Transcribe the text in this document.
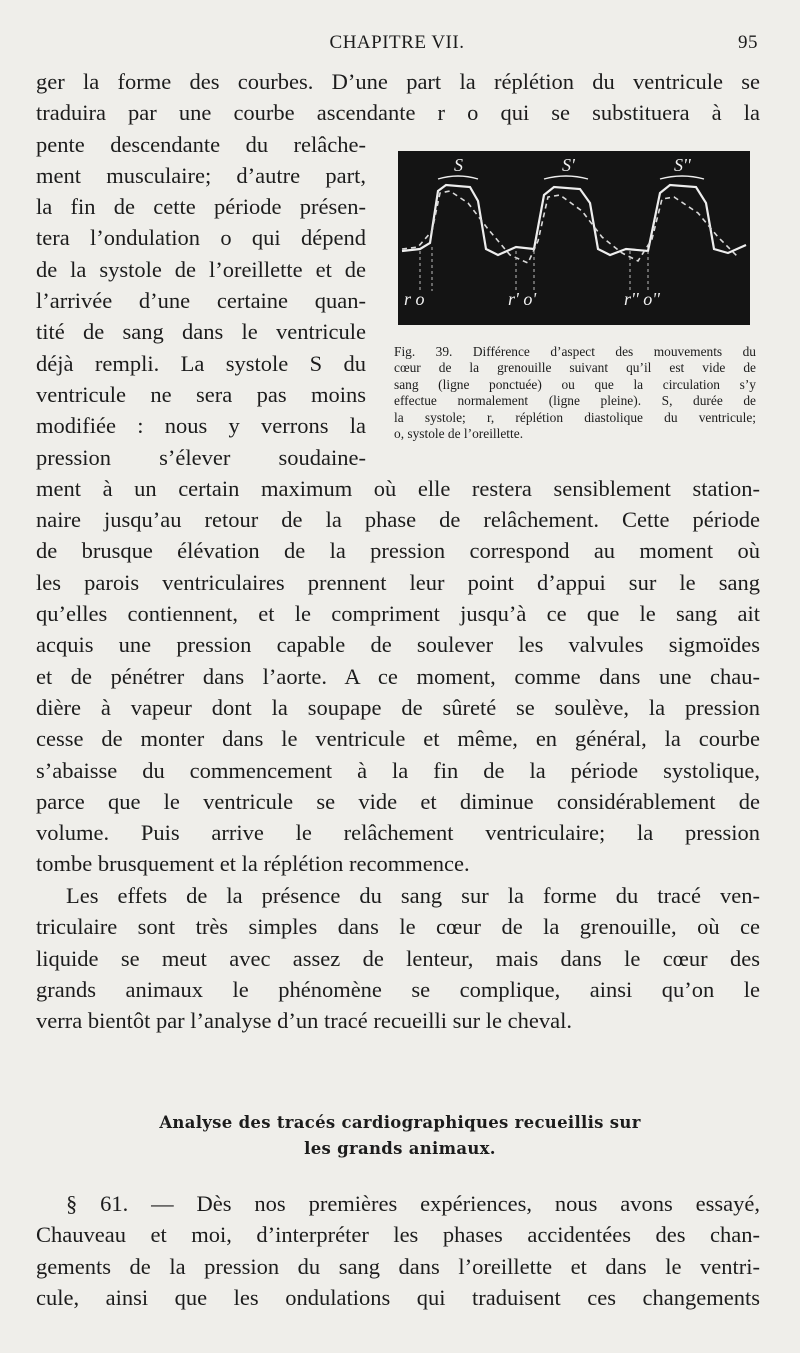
CHAPITRE VII.	95
ger la forme des courbes. D’une part la réplétion du ventricule se
traduira par une courbe ascendante r o qui se substituera à la
pente descendante du relâche-
ment musculaire; d’autre part,
la fin de cette période présen-
tera l’ondulation o qui dépend
de la systole de l’oreillette et de
l’arrivée d’une certaine quan-
tité de sang dans le ventricule
déjà rempli. La systole S du
ventricule ne sera pas moins
modifiée : nous y verrons la
pression s’élever soudaine-
ment à un certain maximum où elle restera sensiblement station-
naire jusqu’au retour de la phase de relâchement. Cette période
de brusque élévation de la pression correspond au moment où
les parois ventriculaires prennent leur point d’appui sur le sang
qu’elles contiennent, et le compriment jusqu’à ce que le sang ait
acquis une pression capable de soulever les valvules sigmoïdes
et de pénétrer dans l’aorte. A ce moment, comme dans une chau-
dière à vapeur dont la soupape de sûreté se soulève, la pression
cesse de monter dans le ventricule et même, en général, la courbe
s’abaisse du commencement à la fin de la période systolique,
parce que le ventricule se vide et diminue considérablement de
volume. Puis arrive le relâchement ventriculaire; la pression
tombe brusquement et la réplétion recommence.
Les effets de la présence du sang sur la forme du tracé ven-
triculaire sont très simples dans le cœur de la grenouille, où ce
liquide se meut avec assez de lenteur, mais dans le cœur des
grands animaux le phénomène se complique, ainsi qu’on le
verra bientôt par l’analyse d’un tracé recueilli sur le cheval.
S	S'	S''
r o	r' o'	r'' o''
Fig. 39. Différence d’aspect des mouvements du
cœur de la grenouille suivant qu’il est vide de
sang (ligne ponctuée) ou que la circulation s’y
effectue normalement (ligne pleine). S, durée de
la systole; r, réplétion diastolique du ventricule;
o, systole de l’oreillette.
Analyse des tracés cardiographiques recueillis sur
les grands animaux.
§ 61. — Dès nos premières expériences, nous avons essayé,
Chauveau et moi, d’interpréter les phases accidentées des chan-
gements de la pression du sang dans l’oreillette et dans le ventri-
cule, ainsi que les ondulations qui traduisent ces changements
